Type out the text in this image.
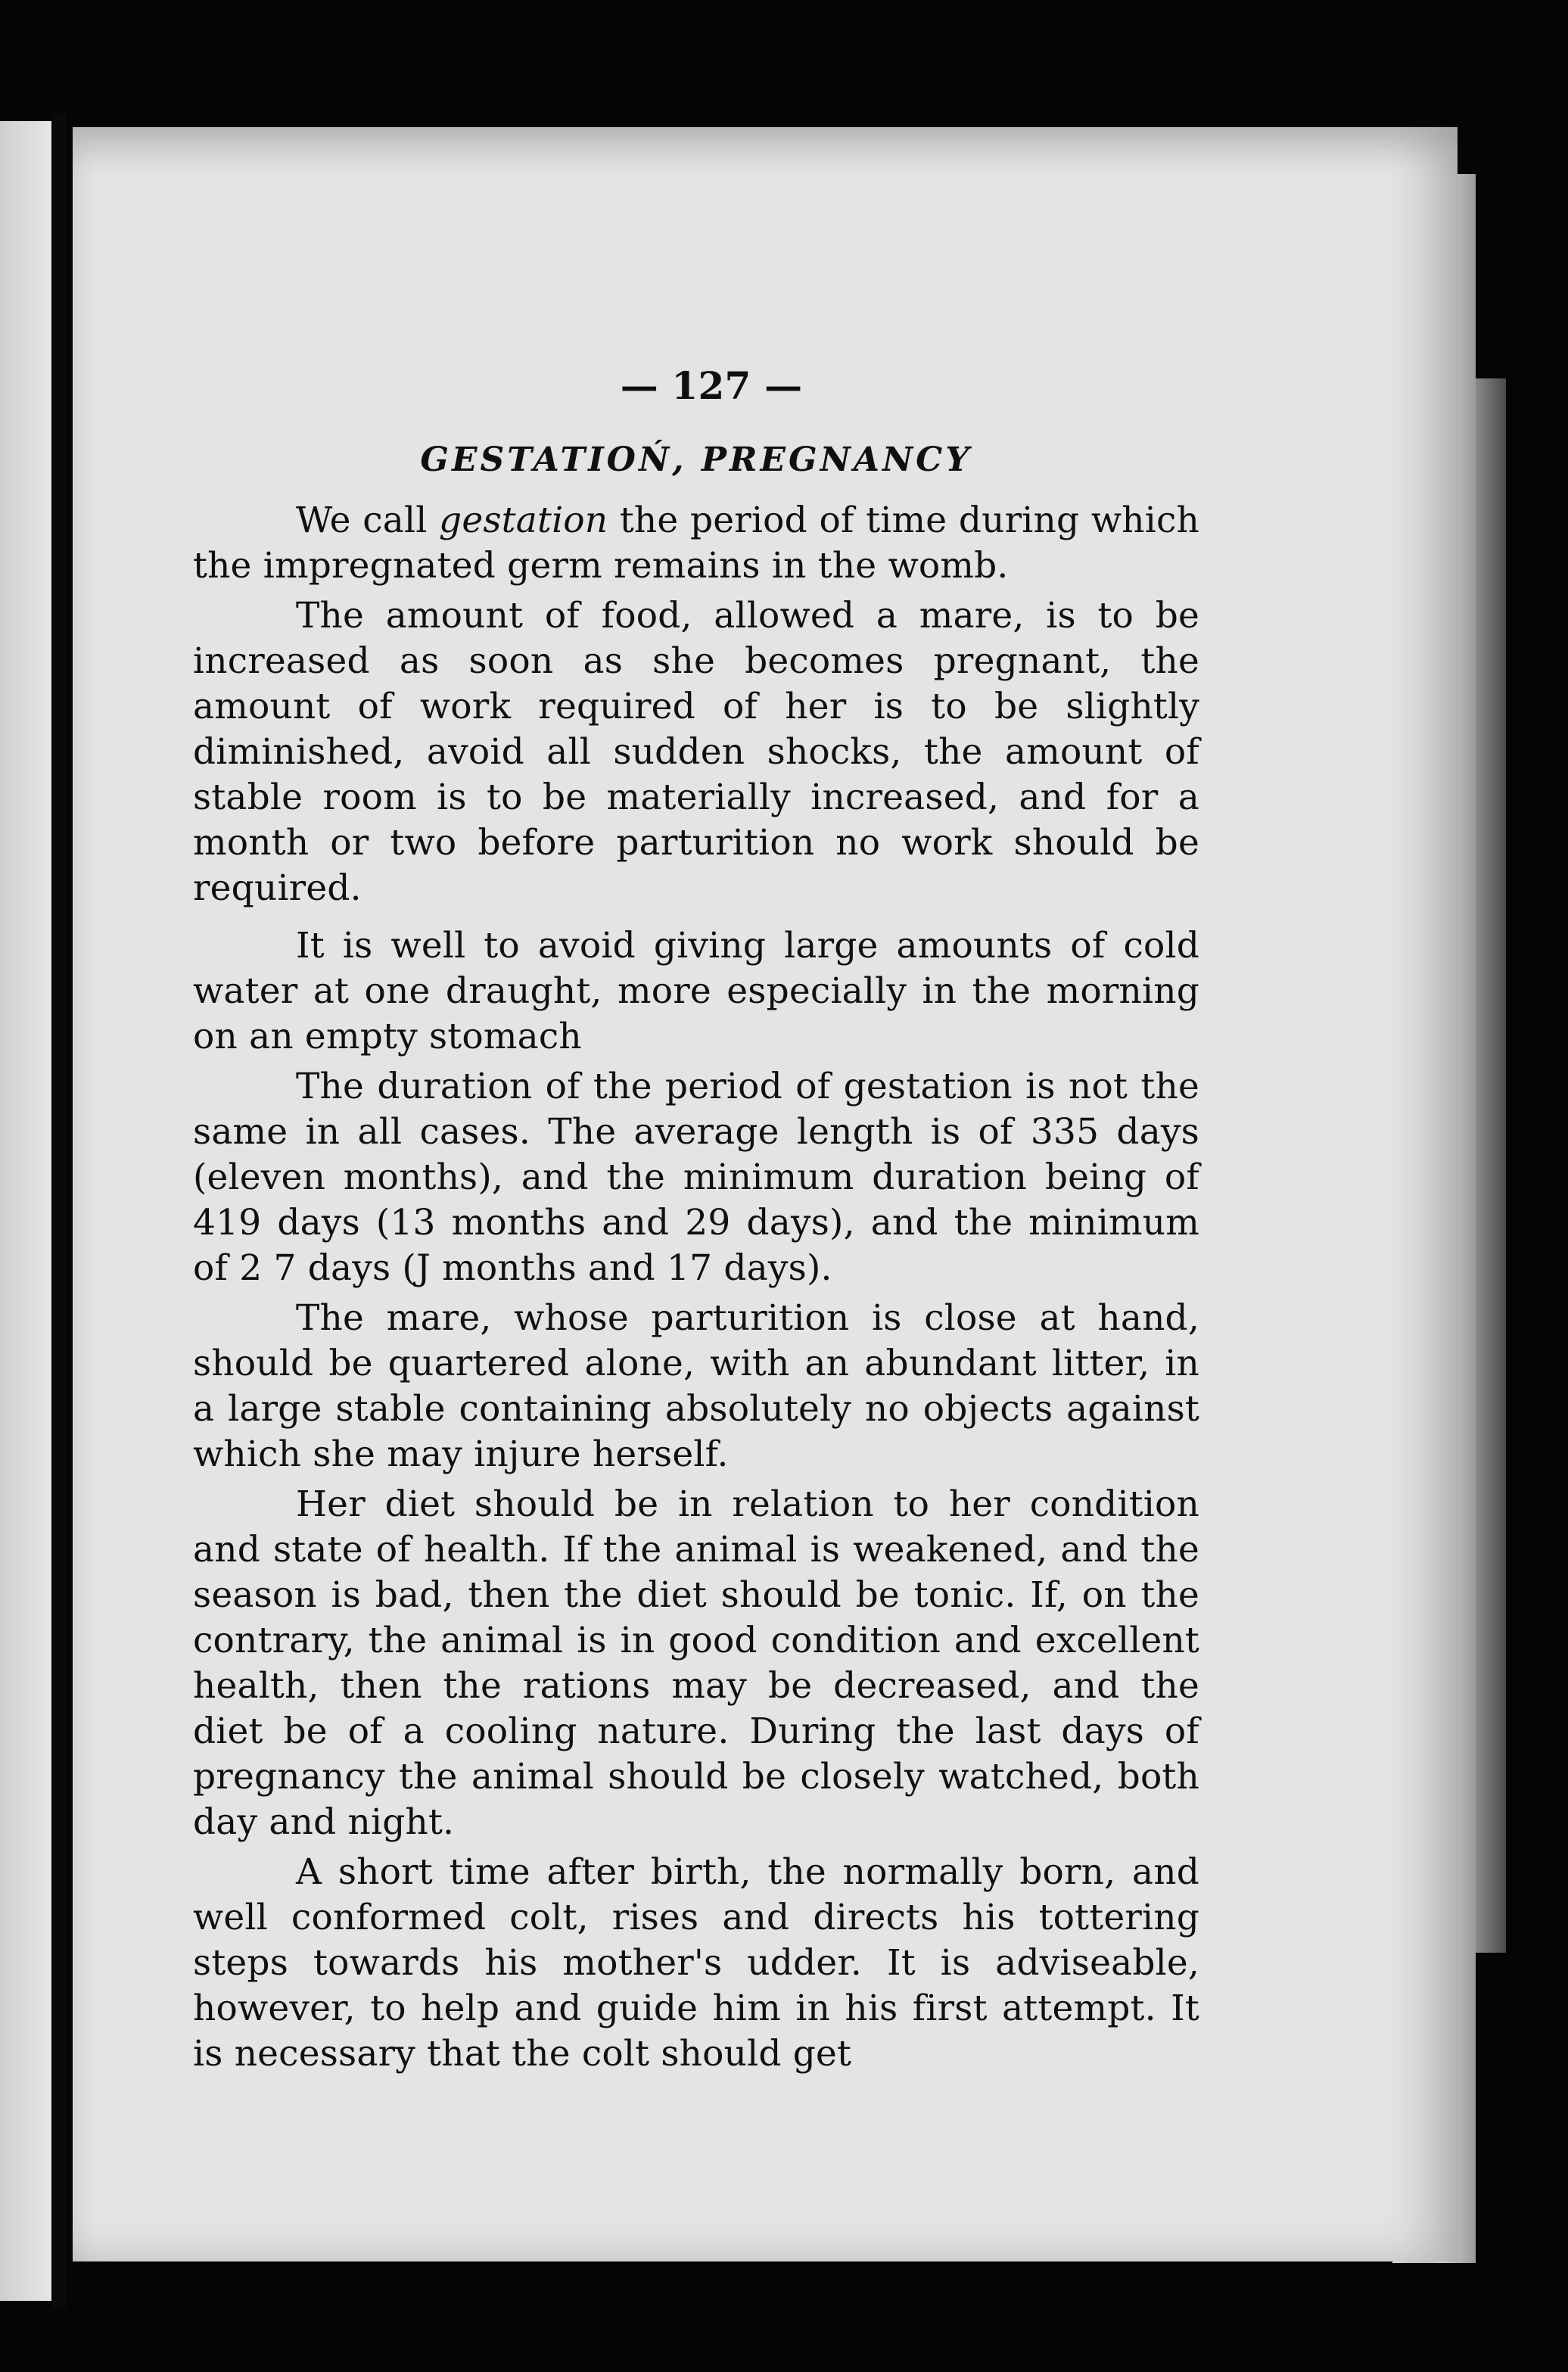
— 127 —
GESTATIOŃ, PREGNANCY

We call gestation the period of time during which the impregnated germ remains in the womb.

The amount of food, allowed a mare, is to be increased as soon as she becomes pregnant, the amount of work required of her is to be slightly diminished, avoid all sudden shocks, the amount of stable room is to be materially increased, and for a month or two before parturition no work should be required.

It is well to avoid giving large amounts of cold water at one draught, more especially in the morning on an empty stomach

The duration of the period of gestation is not the same in all cases. The average length is of 335 days (eleven months), and the minimum duration being of 419 days (13 months and 29 days), and the minimum of 2 7 days (J months and 17 days).

The mare, whose parturition is close at hand, should be quartered alone, with an abundant litter, in a large stable containing absolutely no objects against which she may injure herself.

Her diet should be in relation to her condition and state of health. If the animal is weakened, and the season is bad, then the diet should be tonic. If, on the contrary, the animal is in good condition and excellent health, then the rations may be decreased, and the diet be of a cooling nature. During the last days of pregnancy the animal should be closely watched, both day and night.

A short time after birth, the normally born, and well conformed colt, rises and directs his tottering steps towards his mother's udder. It is adviseable, however, to help and guide him in his first attempt. It is necessary that the colt should get
